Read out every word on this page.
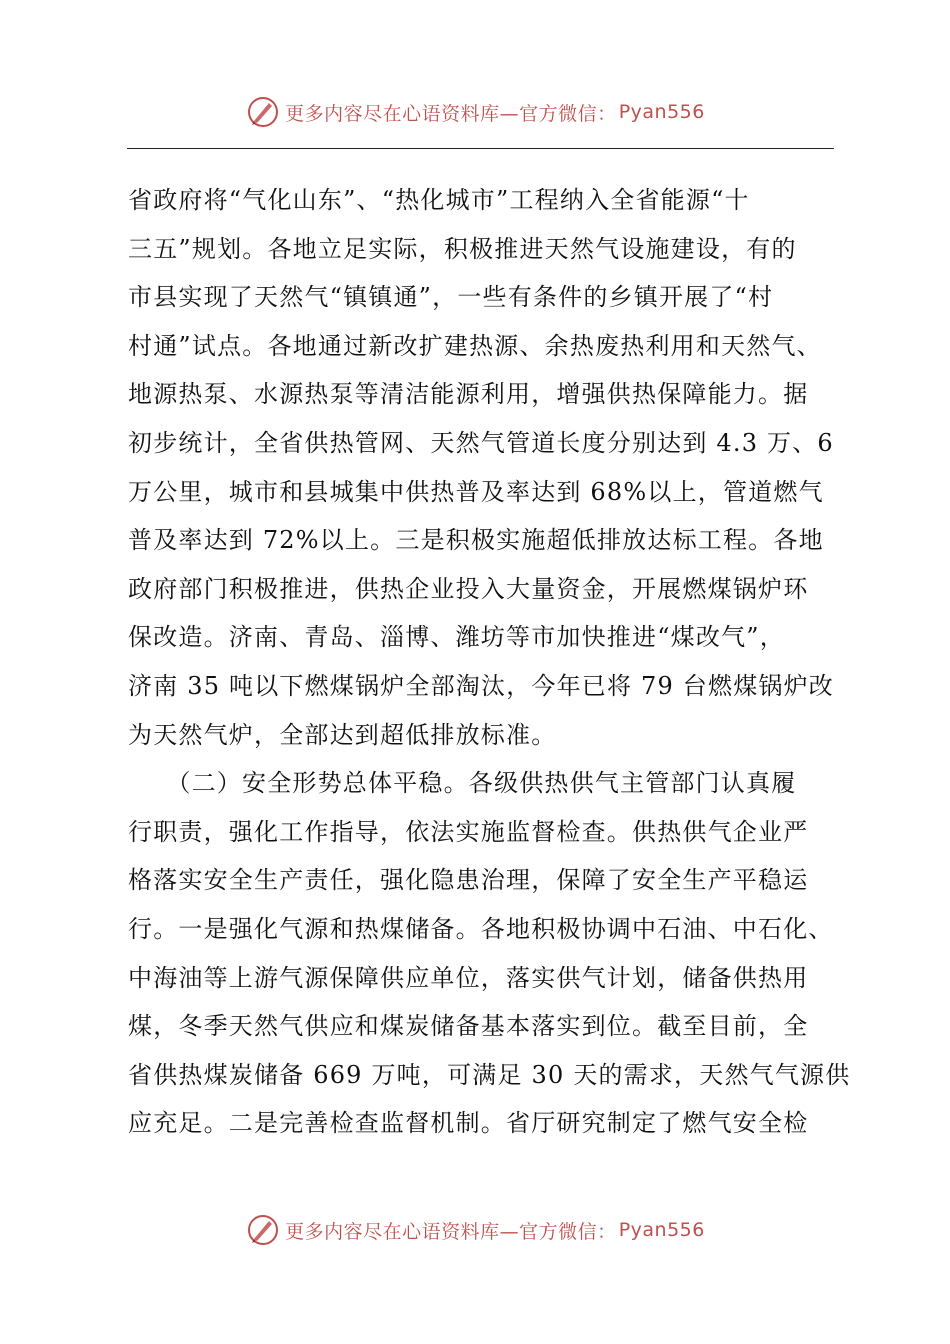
更多内容尽在心语资料库 —官方微信： Pyan556
省政府将“气化山东”、“热化城市”工程纳入全省能源“十
三五”规划。各地立足实际，积极推进天然气设施建设，有的
市县实现了天然气“镇镇通”，一些有条件的乡镇开展了“村
村通”试点。各地通过新改扩建热源、余热废热利用和天然气、
地源热泵、水源热泵等清洁能源利用，增强供热保障能力。据
初步统计，全省供热管网、天然气管道长度分别达到 4.3 万、6
万公里，城市和县城集中供热普及率达到 68%以上，管道燃气
普及率达到 72%以上。三是积极实施超低排放达标工程。各地
政府部门积极推进，供热企业投入大量资金，开展燃煤锅炉环
保改造。济南、青岛、淄博、潍坊等市加快推进“煤改气”，
济南 35 吨以下燃煤锅炉全部淘汰，今年已将 79 台燃煤锅炉改
为天然气炉，全部达到超低排放标准。
　　（二）安全形势总体平稳。各级供热供气主管部门认真履
行职责，强化工作指导，依法实施监督检查。供热供气企业严
格落实安全生产责任，强化隐患治理，保障了安全生产平稳运
行。一是强化气源和热煤储备。各地积极协调中石油、中石化、
中海油等上游气源保障供应单位，落实供气计划，储备供热用
煤，冬季天然气供应和煤炭储备基本落实到位。截至目前，全
省供热煤炭储备 669 万吨，可满足 30 天的需求，天然气气源供
应充足。二是完善检查监督机制。省厅研究制定了燃气安全检
更多内容尽在心语资料库 —官方微信： Pyan556
